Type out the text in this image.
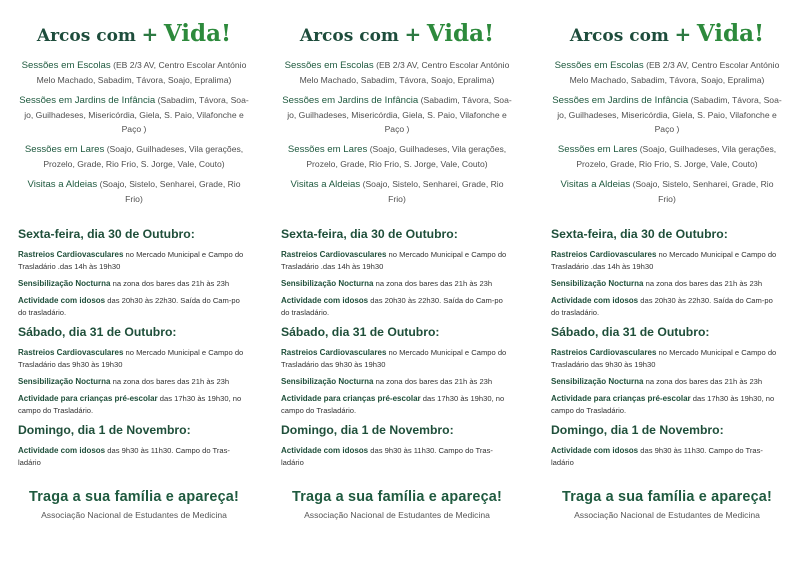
Arcos com + Vida!
Sessões em Escolas (EB 2/3 AV, Centro Escolar António Melo Machado, Sabadim, Távora, Soajo, Epralima)
Sessões em Jardins de Infância (Sabadim, Távora, Soa-jo, Guilhadeses, Misericórdia, Giela, S. Paio, Vilafonche e Paço )
Sessões em Lares (Soajo, Guilhadeses, Vila gerações, Prozelo, Grade, Rio Frio, S. Jorge, Vale, Couto)
Visitas a Aldeias (Soajo, Sistelo, Senharei, Grade, Rio Frio)
Sexta-feira, dia 30 de Outubro:
Rastreios Cardiovasculares no Mercado Municipal e Campo do Trasladário .das 14h às 19h30
Sensibilização Nocturna na zona dos bares das 21h às 23h
Actividade com idosos das 20h30 às 22h30. Saída do Cam-po do trasladário.
Sábado, dia 31 de Outubro:
Rastreios Cardiovasculares no Mercado Municipal e Campo do Trasladário das 9h30 às 19h30
Sensibilização Nocturna na zona dos bares das 21h às 23h
Actividade para crianças pré-escolar das 17h30 às 19h30, no campo do Trasladário.
Domingo, dia 1 de Novembro:
Actividade com idosos das 9h30 às 11h30. Campo do Tras-ladário
Traga a sua família e apareça!
Associação Nacional de Estudantes de Medicina
Arcos com + Vida!
Sessões em Escolas (EB 2/3 AV, Centro Escolar António Melo Machado, Sabadim, Távora, Soajo, Epralima)
Sessões em Jardins de Infância (Sabadim, Távora, Soa-jo, Guilhadeses, Misericórdia, Giela, S. Paio, Vilafonche e Paço )
Sessões em Lares (Soajo, Guilhadeses, Vila gerações, Prozelo, Grade, Rio Frio, S. Jorge, Vale, Couto)
Visitas a Aldeias (Soajo, Sistelo, Senharei, Grade, Rio Frio)
Sexta-feira, dia 30 de Outubro:
Rastreios Cardiovasculares no Mercado Municipal e Campo do Trasladário .das 14h às 19h30
Sensibilização Nocturna na zona dos bares das 21h às 23h
Actividade com idosos das 20h30 às 22h30. Saída do Cam-po do trasladário.
Sábado, dia 31 de Outubro:
Rastreios Cardiovasculares no Mercado Municipal e Campo do Trasladário das 9h30 às 19h30
Sensibilização Nocturna na zona dos bares das 21h às 23h
Actividade para crianças pré-escolar das 17h30 às 19h30, no campo do Trasladário.
Domingo, dia 1 de Novembro:
Actividade com idosos das 9h30 às 11h30. Campo do Tras-ladário
Traga a sua família e apareça!
Associação Nacional de Estudantes de Medicina
Arcos com + Vida!
Sessões em Escolas (EB 2/3 AV, Centro Escolar António Melo Machado, Sabadim, Távora, Soajo, Epralima)
Sessões em Jardins de Infância (Sabadim, Távora, Soa-jo, Guilhadeses, Misericórdia, Giela, S. Paio, Vilafonche e Paço )
Sessões em Lares (Soajo, Guilhadeses, Vila gerações, Prozelo, Grade, Rio Frio, S. Jorge, Vale, Couto)
Visitas a Aldeias (Soajo, Sistelo, Senharei, Grade, Rio Frio)
Sexta-feira, dia 30 de Outubro:
Rastreios Cardiovasculares no Mercado Municipal e Campo do Trasladário .das 14h às 19h30
Sensibilização Nocturna na zona dos bares das 21h às 23h
Actividade com idosos das 20h30 às 22h30. Saída do Cam-po do trasladário.
Sábado, dia 31 de Outubro:
Rastreios Cardiovasculares no Mercado Municipal e Campo do Trasladário das 9h30 às 19h30
Sensibilização Nocturna na zona dos bares das 21h às 23h
Actividade para crianças pré-escolar das 17h30 às 19h30, no campo do Trasladário.
Domingo, dia 1 de Novembro:
Actividade com idosos das 9h30 às 11h30. Campo do Tras-ladário
Traga a sua família e apareça!
Associação Nacional de Estudantes de Medicina
